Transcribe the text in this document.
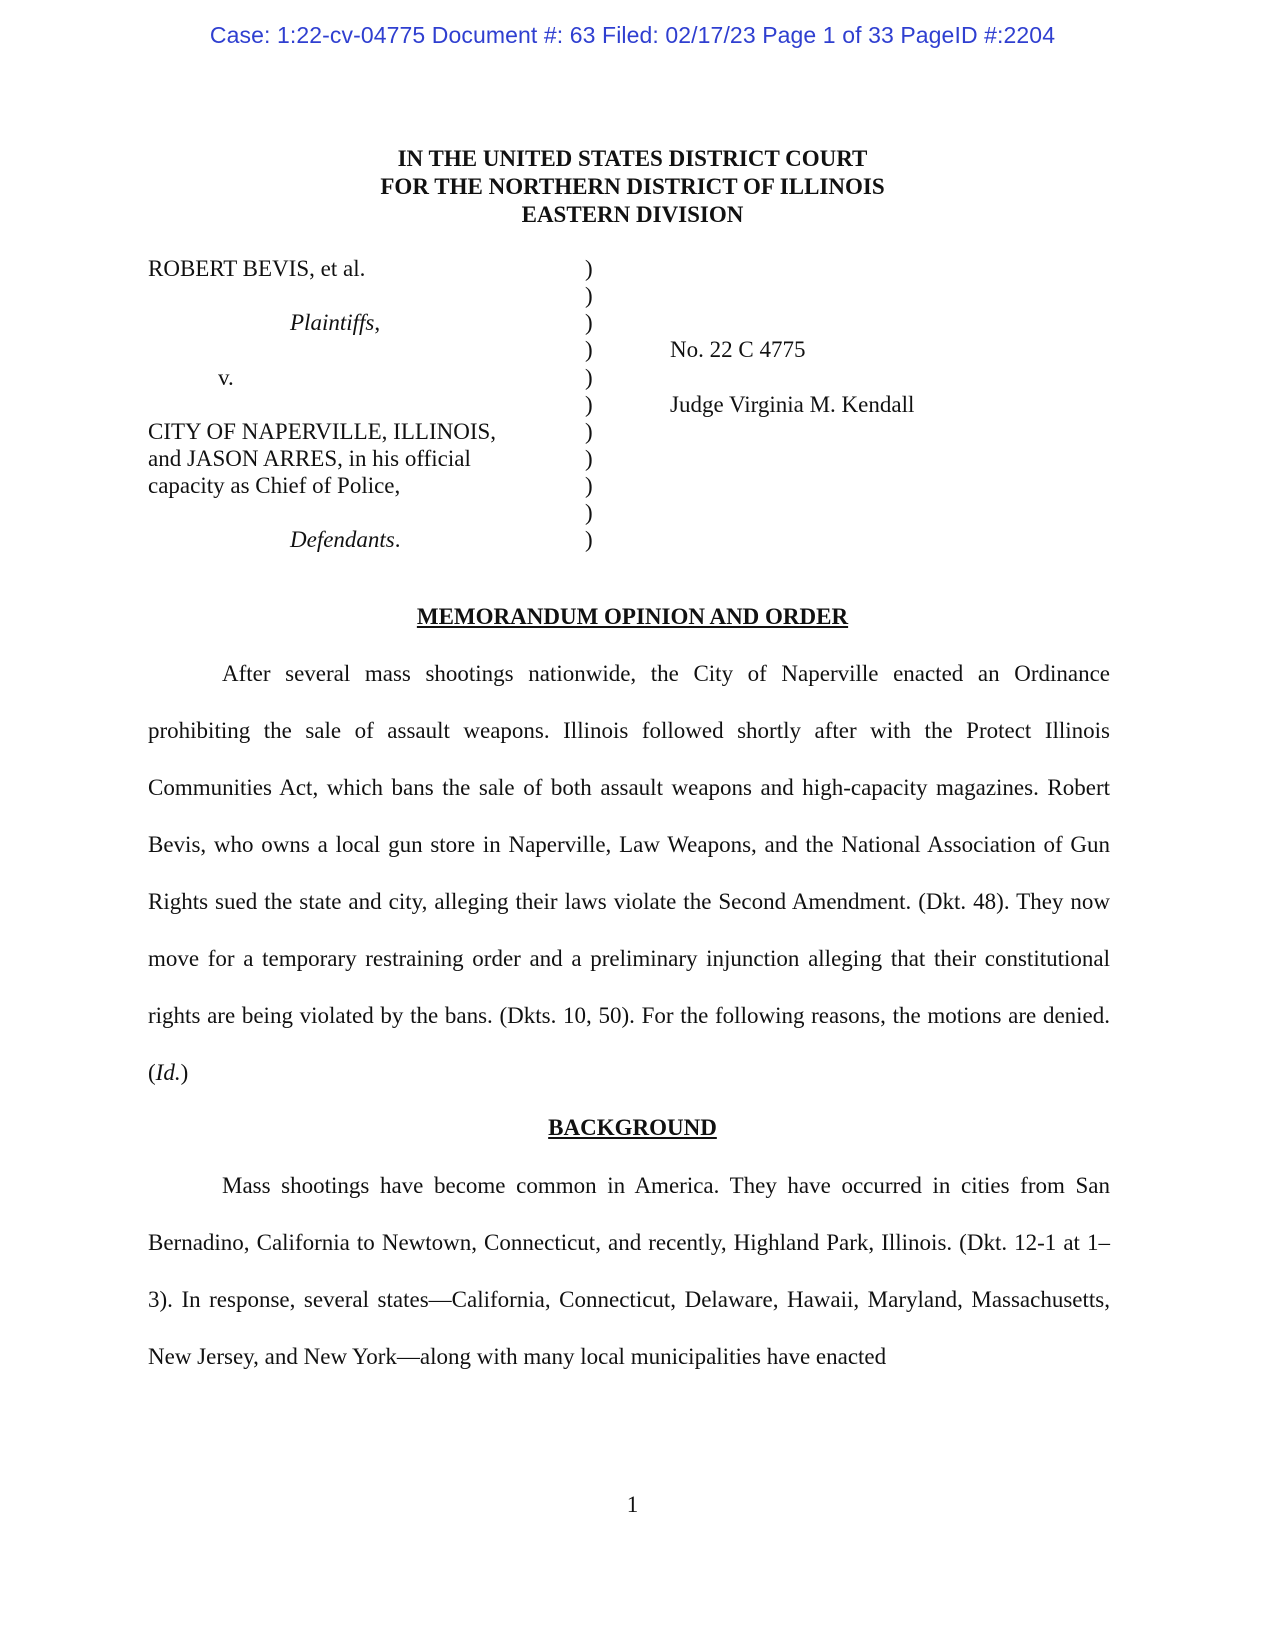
Case: 1:22-cv-04775 Document #: 63 Filed: 02/17/23 Page 1 of 33 PageID #:2204
IN THE UNITED STATES DISTRICT COURT
FOR THE NORTHERN DISTRICT OF ILLINOIS
EASTERN DIVISION
ROBERT BEVIS, et al.
Plaintiffs,
v.
CITY OF NAPERVILLE, ILLINOIS,
and JASON ARRES, in his official
capacity as Chief of Police,
Defendants.
)
)
)
)
)
)
)
)
)
)
)
No. 22 C 4775
Judge Virginia M. Kendall
MEMORANDUM OPINION AND ORDER

After several mass shootings nationwide, the City of Naperville enacted an Ordinance prohibiting the sale of assault weapons. Illinois followed shortly after with the Protect Illinois Communities Act, which bans the sale of both assault weapons and high-capacity magazines. Robert Bevis, who owns a local gun store in Naperville, Law Weapons, and the National Association of Gun Rights sued the state and city, alleging their laws violate the Second Amendment. (Dkt. 48). They now move for a temporary restraining order and a preliminary injunction alleging that their constitutional rights are being violated by the bans. (Dkts. 10, 50). For the following reasons, the motions are denied. (Id.)

BACKGROUND

Mass shootings have become common in America. They have occurred in cities from San Bernadino, California to Newtown, Connecticut, and recently, Highland Park, Illinois. (Dkt. 12-1 at 1–3). In response, several states—California, Connecticut, Delaware, Hawaii, Maryland, Massachusetts, New Jersey, and New York—along with many local municipalities have enacted

1
